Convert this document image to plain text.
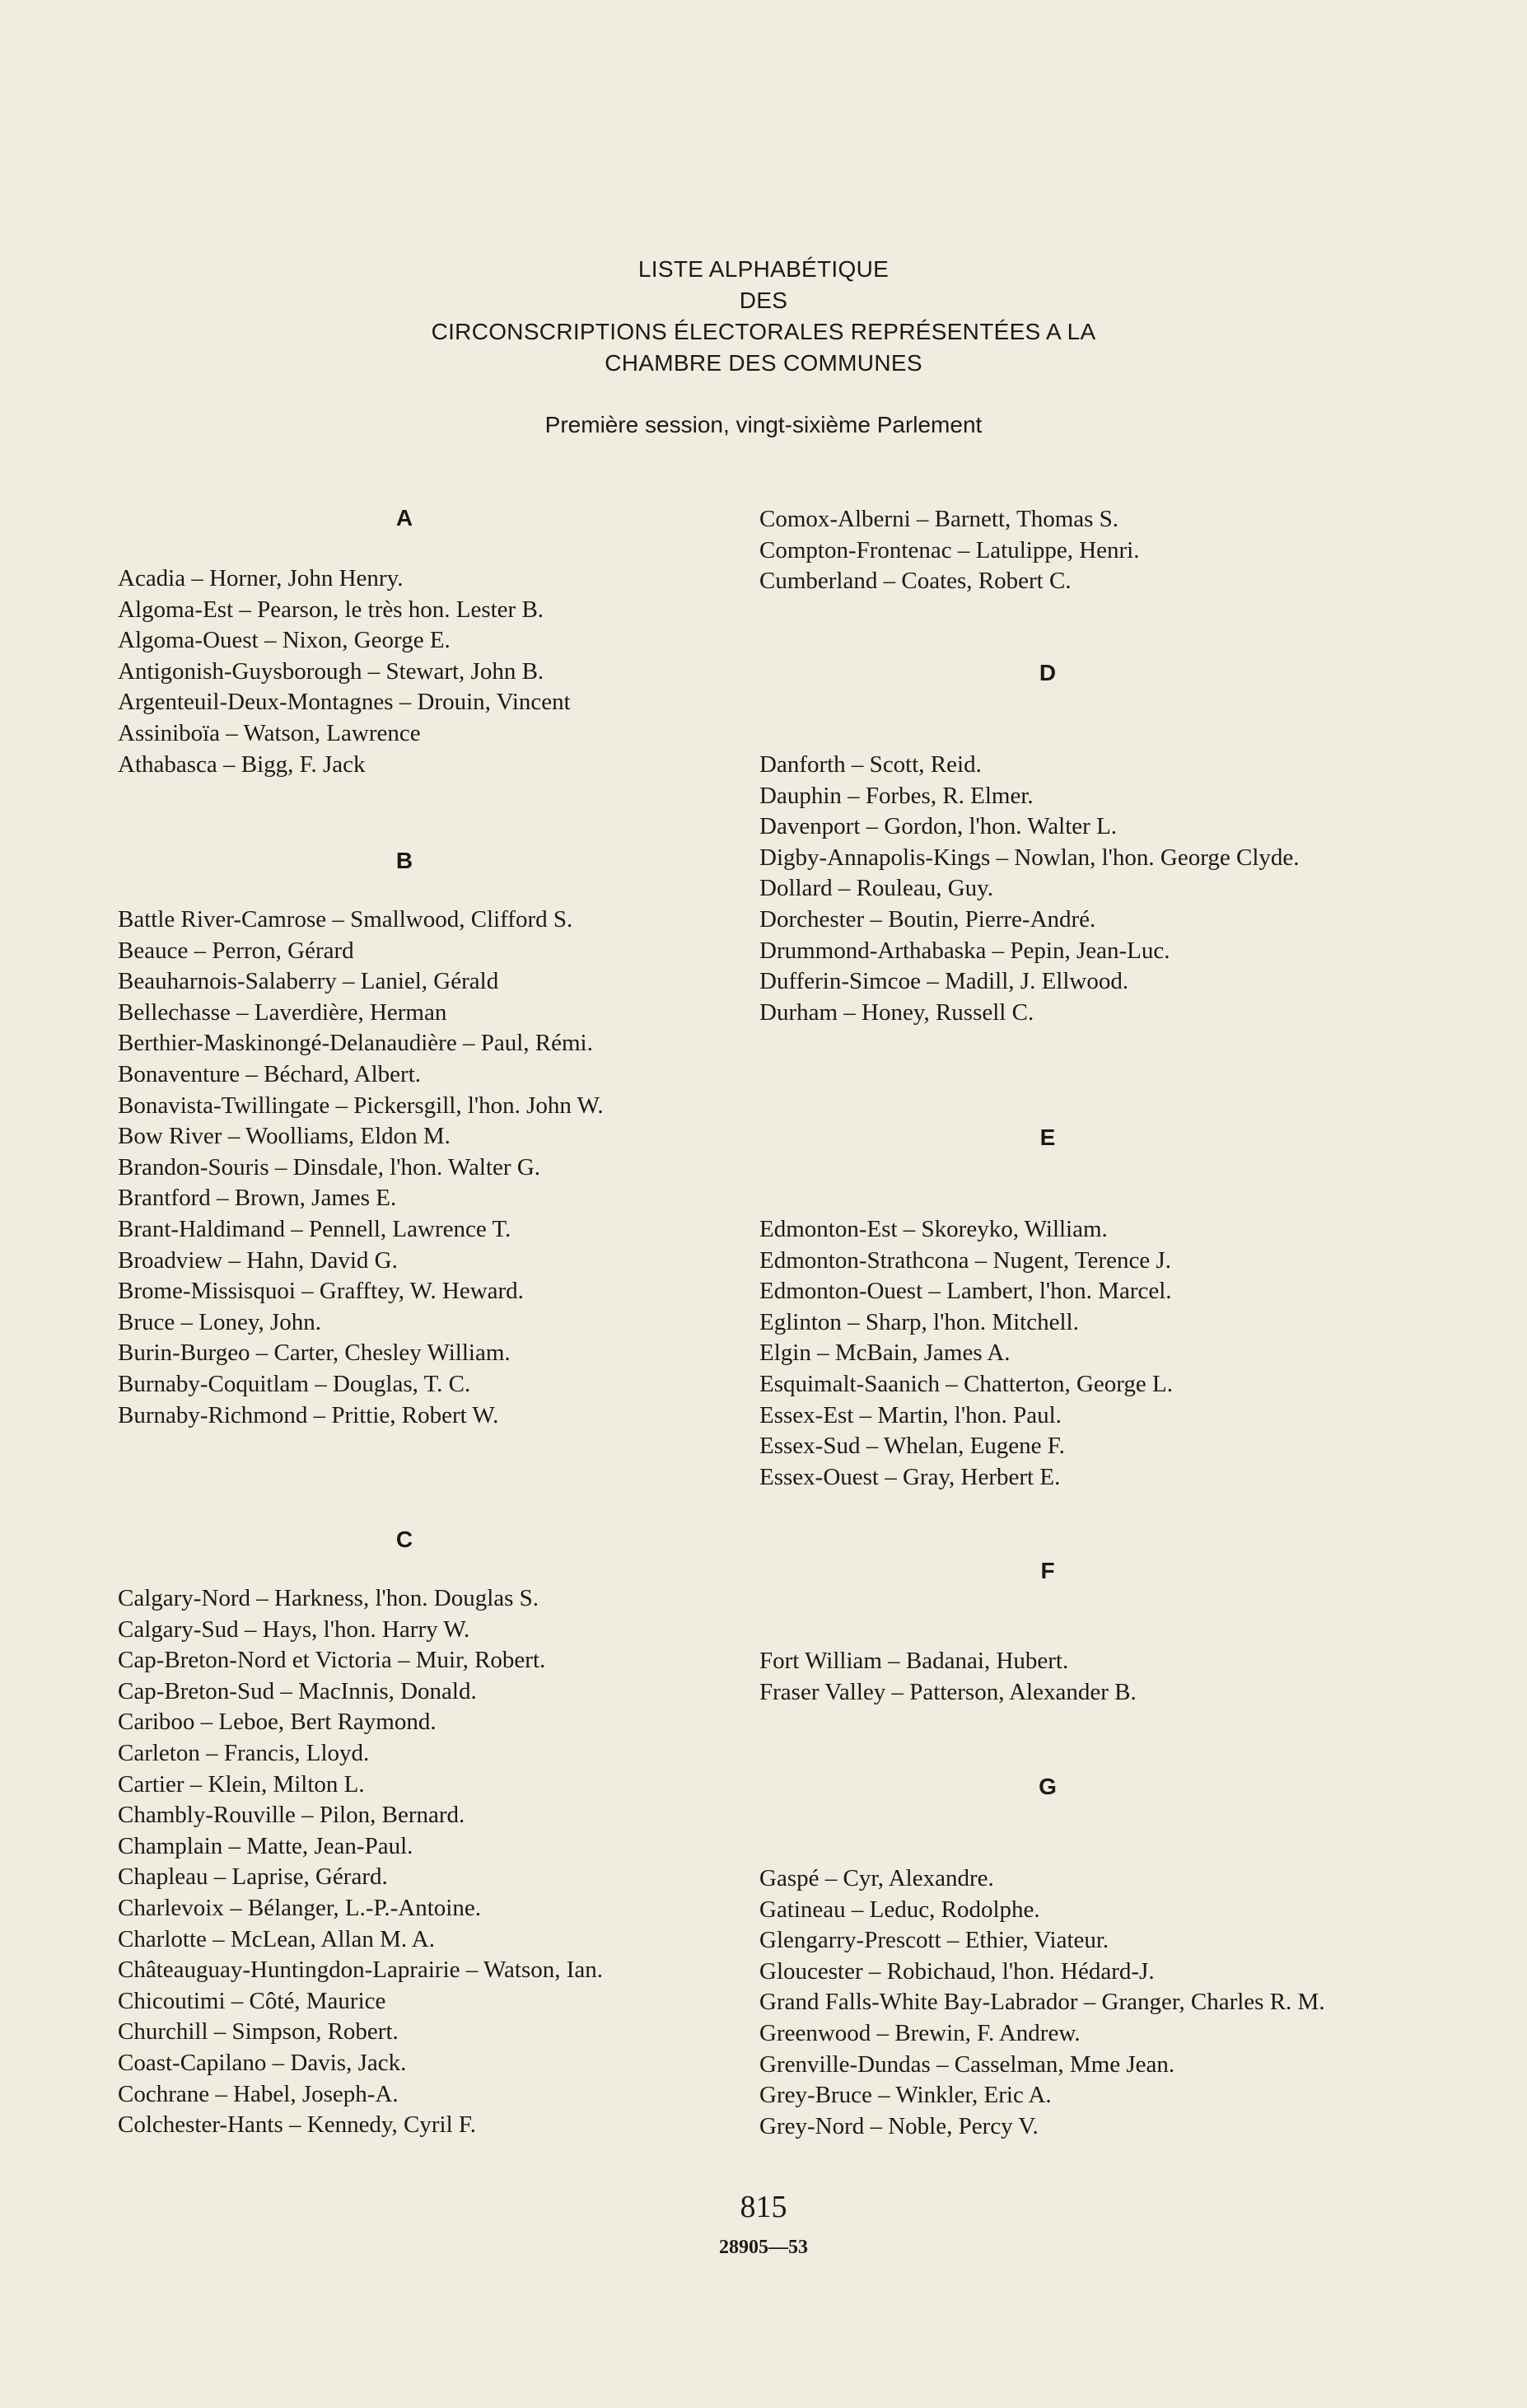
LISTE ALPHABÉTIQUE
DES
CIRCONSCRIPTIONS ÉLECTORALES REPRÉSENTÉES A LA
CHAMBRE DES COMMUNES
Première session, vingt-sixième Parlement
A
Acadia – Horner, John Henry.
Algoma-Est – Pearson, le très hon. Lester B.
Algoma-Ouest – Nixon, George E.
Antigonish-Guysborough – Stewart, John B.
Argenteuil-Deux-Montagnes – Drouin, Vincent
Assiniboïa – Watson, Lawrence
Athabasca – Bigg, F. Jack
B
Battle River-Camrose – Smallwood, Clifford S.
Beauce – Perron, Gérard
Beauharnois-Salaberry – Laniel, Gérald
Bellechasse – Laverdière, Herman
Berthier-Maskinongé-Delanaudière – Paul, Rémi.
Bonaventure – Béchard, Albert.
Bonavista-Twillingate – Pickersgill, l'hon. John W.
Bow River – Woolliams, Eldon M.
Brandon-Souris – Dinsdale, l'hon. Walter G.
Brantford – Brown, James E.
Brant-Haldimand – Pennell, Lawrence T.
Broadview – Hahn, David G.
Brome-Missisquoi – Grafftey, W. Heward.
Bruce – Loney, John.
Burin-Burgeo – Carter, Chesley William.
Burnaby-Coquitlam – Douglas, T. C.
Burnaby-Richmond – Prittie, Robert W.
C
Calgary-Nord – Harkness, l'hon. Douglas S.
Calgary-Sud – Hays, l'hon. Harry W.
Cap-Breton-Nord et Victoria – Muir, Robert.
Cap-Breton-Sud – MacInnis, Donald.
Cariboo – Leboe, Bert Raymond.
Carleton – Francis, Lloyd.
Cartier – Klein, Milton L.
Chambly-Rouville – Pilon, Bernard.
Champlain – Matte, Jean-Paul.
Chapleau – Laprise, Gérard.
Charlevoix – Bélanger, L.-P.-Antoine.
Charlotte – McLean, Allan M. A.
Châteauguay-Huntingdon-Laprairie – Watson, Ian.
Chicoutimi – Côté, Maurice
Churchill – Simpson, Robert.
Coast-Capilano – Davis, Jack.
Cochrane – Habel, Joseph-A.
Colchester-Hants – Kennedy, Cyril F.
Comox-Alberni – Barnett, Thomas S.
Compton-Frontenac – Latulippe, Henri.
Cumberland – Coates, Robert C.
D
Danforth – Scott, Reid.
Dauphin – Forbes, R. Elmer.
Davenport – Gordon, l'hon. Walter L.
Digby-Annapolis-Kings – Nowlan, l'hon. George Clyde.
Dollard – Rouleau, Guy.
Dorchester – Boutin, Pierre-André.
Drummond-Arthabaska – Pepin, Jean-Luc.
Dufferin-Simcoe – Madill, J. Ellwood.
Durham – Honey, Russell C.
E
Edmonton-Est – Skoreyko, William.
Edmonton-Strathcona – Nugent, Terence J.
Edmonton-Ouest – Lambert, l'hon. Marcel.
Eglinton – Sharp, l'hon. Mitchell.
Elgin – McBain, James A.
Esquimalt-Saanich – Chatterton, George L.
Essex-Est – Martin, l'hon. Paul.
Essex-Sud – Whelan, Eugene F.
Essex-Ouest – Gray, Herbert E.
F
Fort William – Badanai, Hubert.
Fraser Valley – Patterson, Alexander B.
G
Gaspé – Cyr, Alexandre.
Gatineau – Leduc, Rodolphe.
Glengarry-Prescott – Ethier, Viateur.
Gloucester – Robichaud, l'hon. Hédard-J.
Grand Falls-White Bay-Labrador – Granger, Charles R. M.
Greenwood – Brewin, F. Andrew.
Grenville-Dundas – Casselman, Mme Jean.
Grey-Bruce – Winkler, Eric A.
Grey-Nord – Noble, Percy V.
815
28905—53
